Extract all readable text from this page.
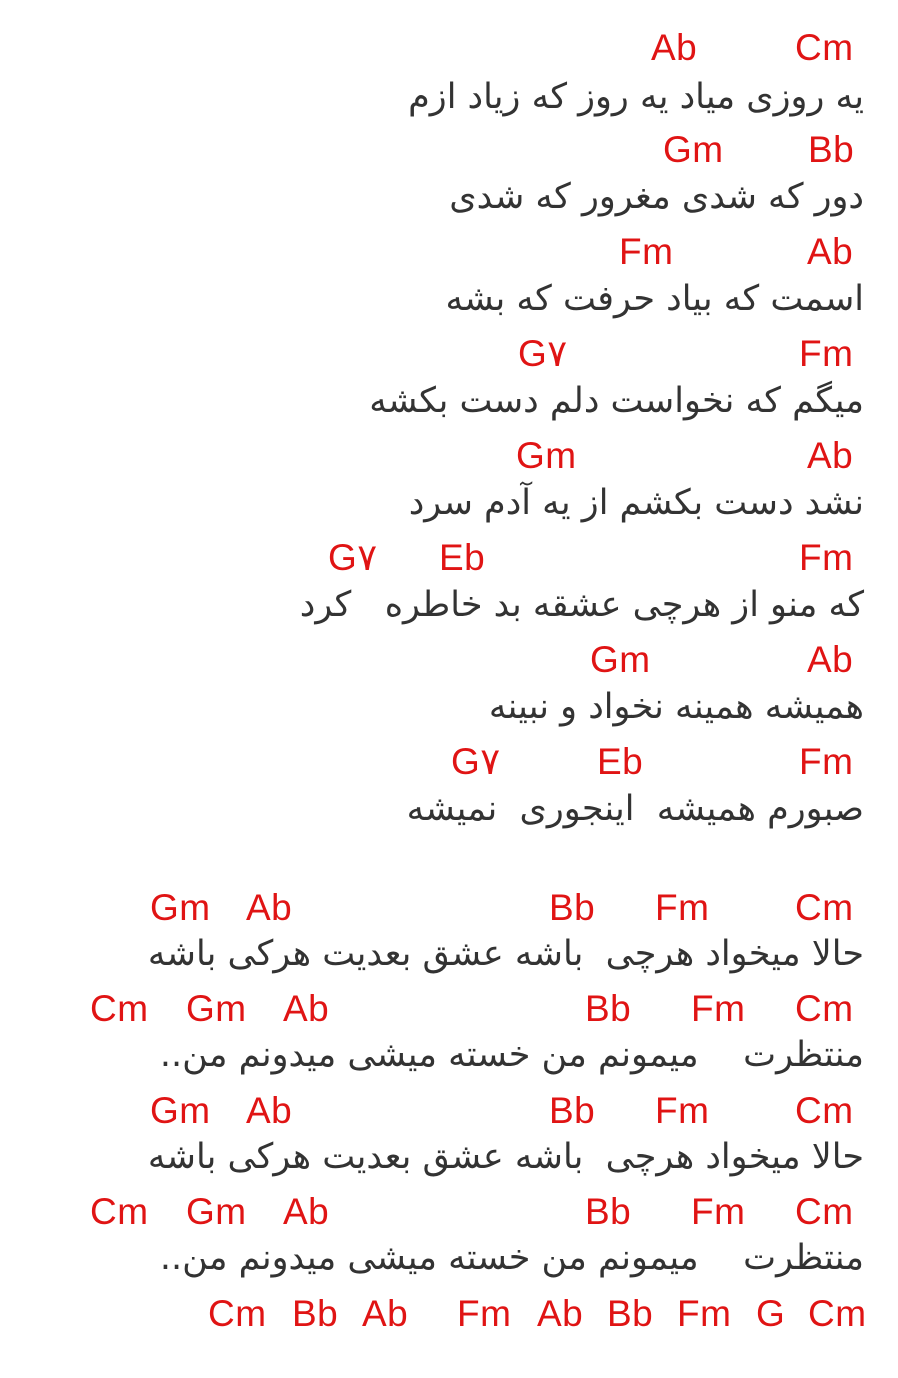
Ab	Cm
یه روزی میاد یه روز که زیاد ازم
Gm Bb
دور که شدی مغرور که شدی
Fm	Ab
اسمت که بیاد حرفت که بشه
G۷	Fm
میگم که نخواست دلم دست بکشه
Gm	Ab
نشد دست بکشم از یه آدم سرد
G۷ Eb	Fm
که منو از هرچی عشقه بد خاطره   کرد
Gm	Ab
همیشه همینه نخواد و نبینه
G۷	Eb	Fm
صبورم همیشه  اینجوری  نمیشه
Gm Ab	Bb Fm Cm
حالا میخواد هرچی  باشه عشق بعدیت هرکی باشه
Cm Gm Ab	Bb Fm Cm
منتظرت    میمونم من خسته میشی میدونم من..
Gm Ab	Bb Fm Cm
حالا میخواد هرچی  باشه عشق بعدیت هرکی باشه
Cm Gm Ab	Bb Fm Cm
منتظرت    میمونم من خسته میشی میدونم من..
Cm Bb Ab Fm Ab Bb Fm G Cm
